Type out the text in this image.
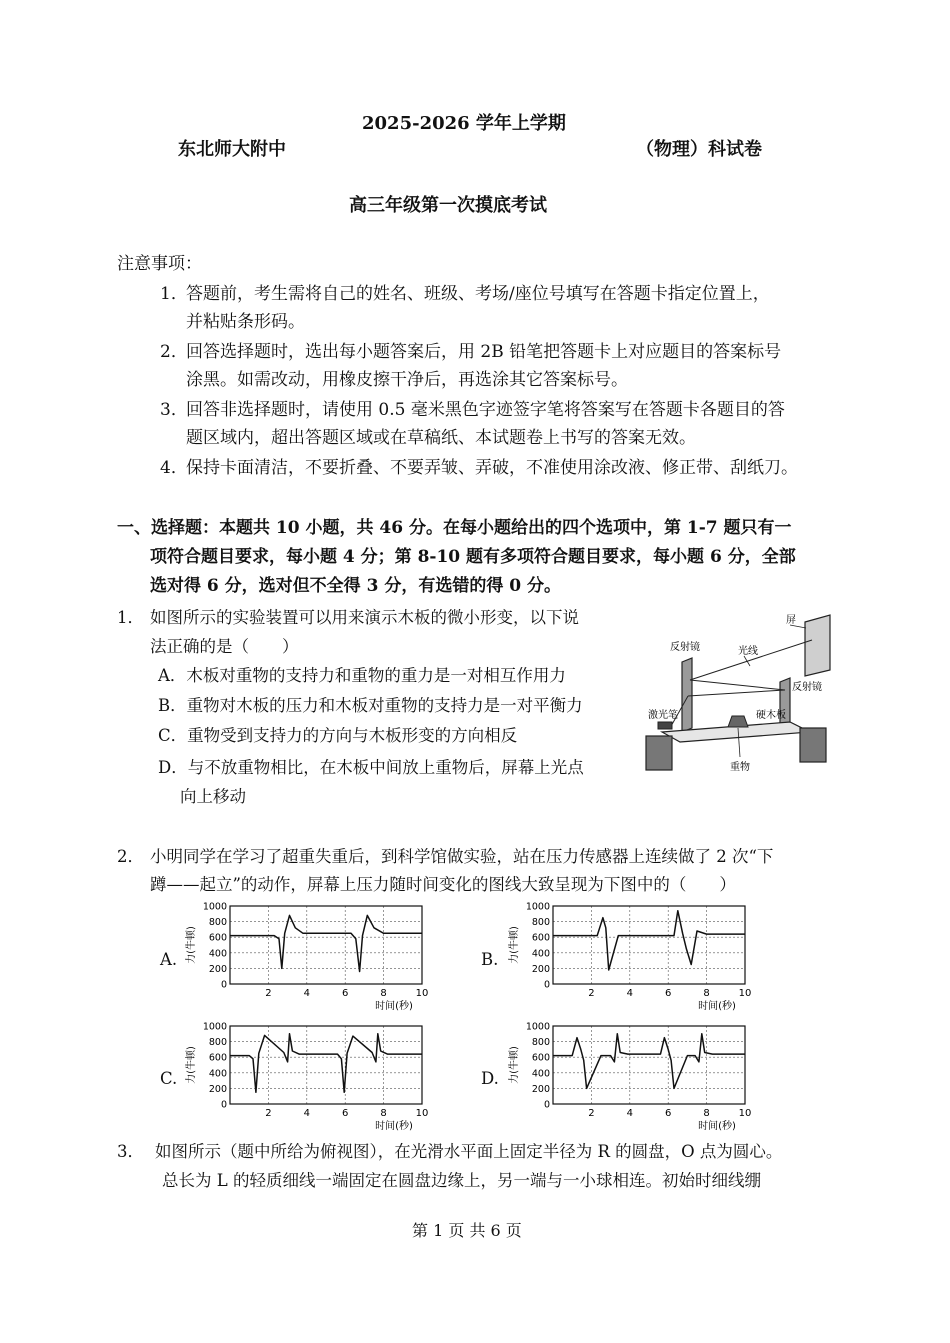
2025-2026 学年上学期
东北师大附中	（物理）科试卷
高三年级第一次摸底考试
注意事项：
1．
答题前，考生需将自己的姓名、班级、考场/座位号填写在答题卡指定位置上，
并粘贴条形码。
2．
回答选择题时，选出每小题答案后，用 2B 铅笔把答题卡上对应题目的答案标号
涂黑。如需改动，用橡皮擦干净后，再选涂其它答案标号。
3．
回答非选择题时，请使用 0.5 毫米黑色字迹签字笔将答案写在答题卡各题目的答
题区域内，超出答题区域或在草稿纸、本试题卷上书写的答案无效。
4．
保持卡面清洁，不要折叠、不要弄皱、弄破，不准使用涂改液、修正带、刮纸刀。
一、选择题：本题共 10 小题，共 46 分。在每小题给出的四个选项中，第 1-7 题只有一
项符合题目要求，每小题 4 分；第 8-10 题有多项符合题目要求，每小题 6 分，全部
选对得 6 分，选对但不全得 3 分，有选错的得 0 分。
1． 如图所示的实验装置可以用来演示木板的微小形变，以下说
法正确的是（　　）
A．木板对重物的支持力和重物的重力是一对相互作用力
B．重物对木板的压力和木板对重物的支持力是一对平衡力
C．重物受到支持力的方向与木板形变的方向相反
D．与不放重物相比，在木板中间放上重物后，屏幕上光点
向上移动
屏
反射镜	光线
反射镜
激光笔	硬木板
重物
2． 小明同学在学习了超重失重后，到科学馆做实验，站在压力传感器上连续做了 2 次“下
蹲——起立”的动作，屏幕上压力随时间变化的图线大致呈现为下图中的（　　）
A.	B.
C.	D.
0
200
400
600
800
1000
2	4	6	8	10
时间(秒)
力(牛顿)
0
200
400
600
800
1000
2	4	6	8	10
时间(秒)
力(牛顿)
0
200
400
600
800
1000
2	4	6	8	10
时间(秒)
力(牛顿)
0
200
400
600
800
1000
2	4	6	8	10
时间(秒)
力(牛顿)
3． 如图所示（题中所给为俯视图），在光滑水平面上固定半径为 R 的圆盘，O 点为圆心。
总长为 L 的轻质细线一端固定在圆盘边缘上，另一端与一小球相连。初始时细线绷
第 1 页 共 6 页
